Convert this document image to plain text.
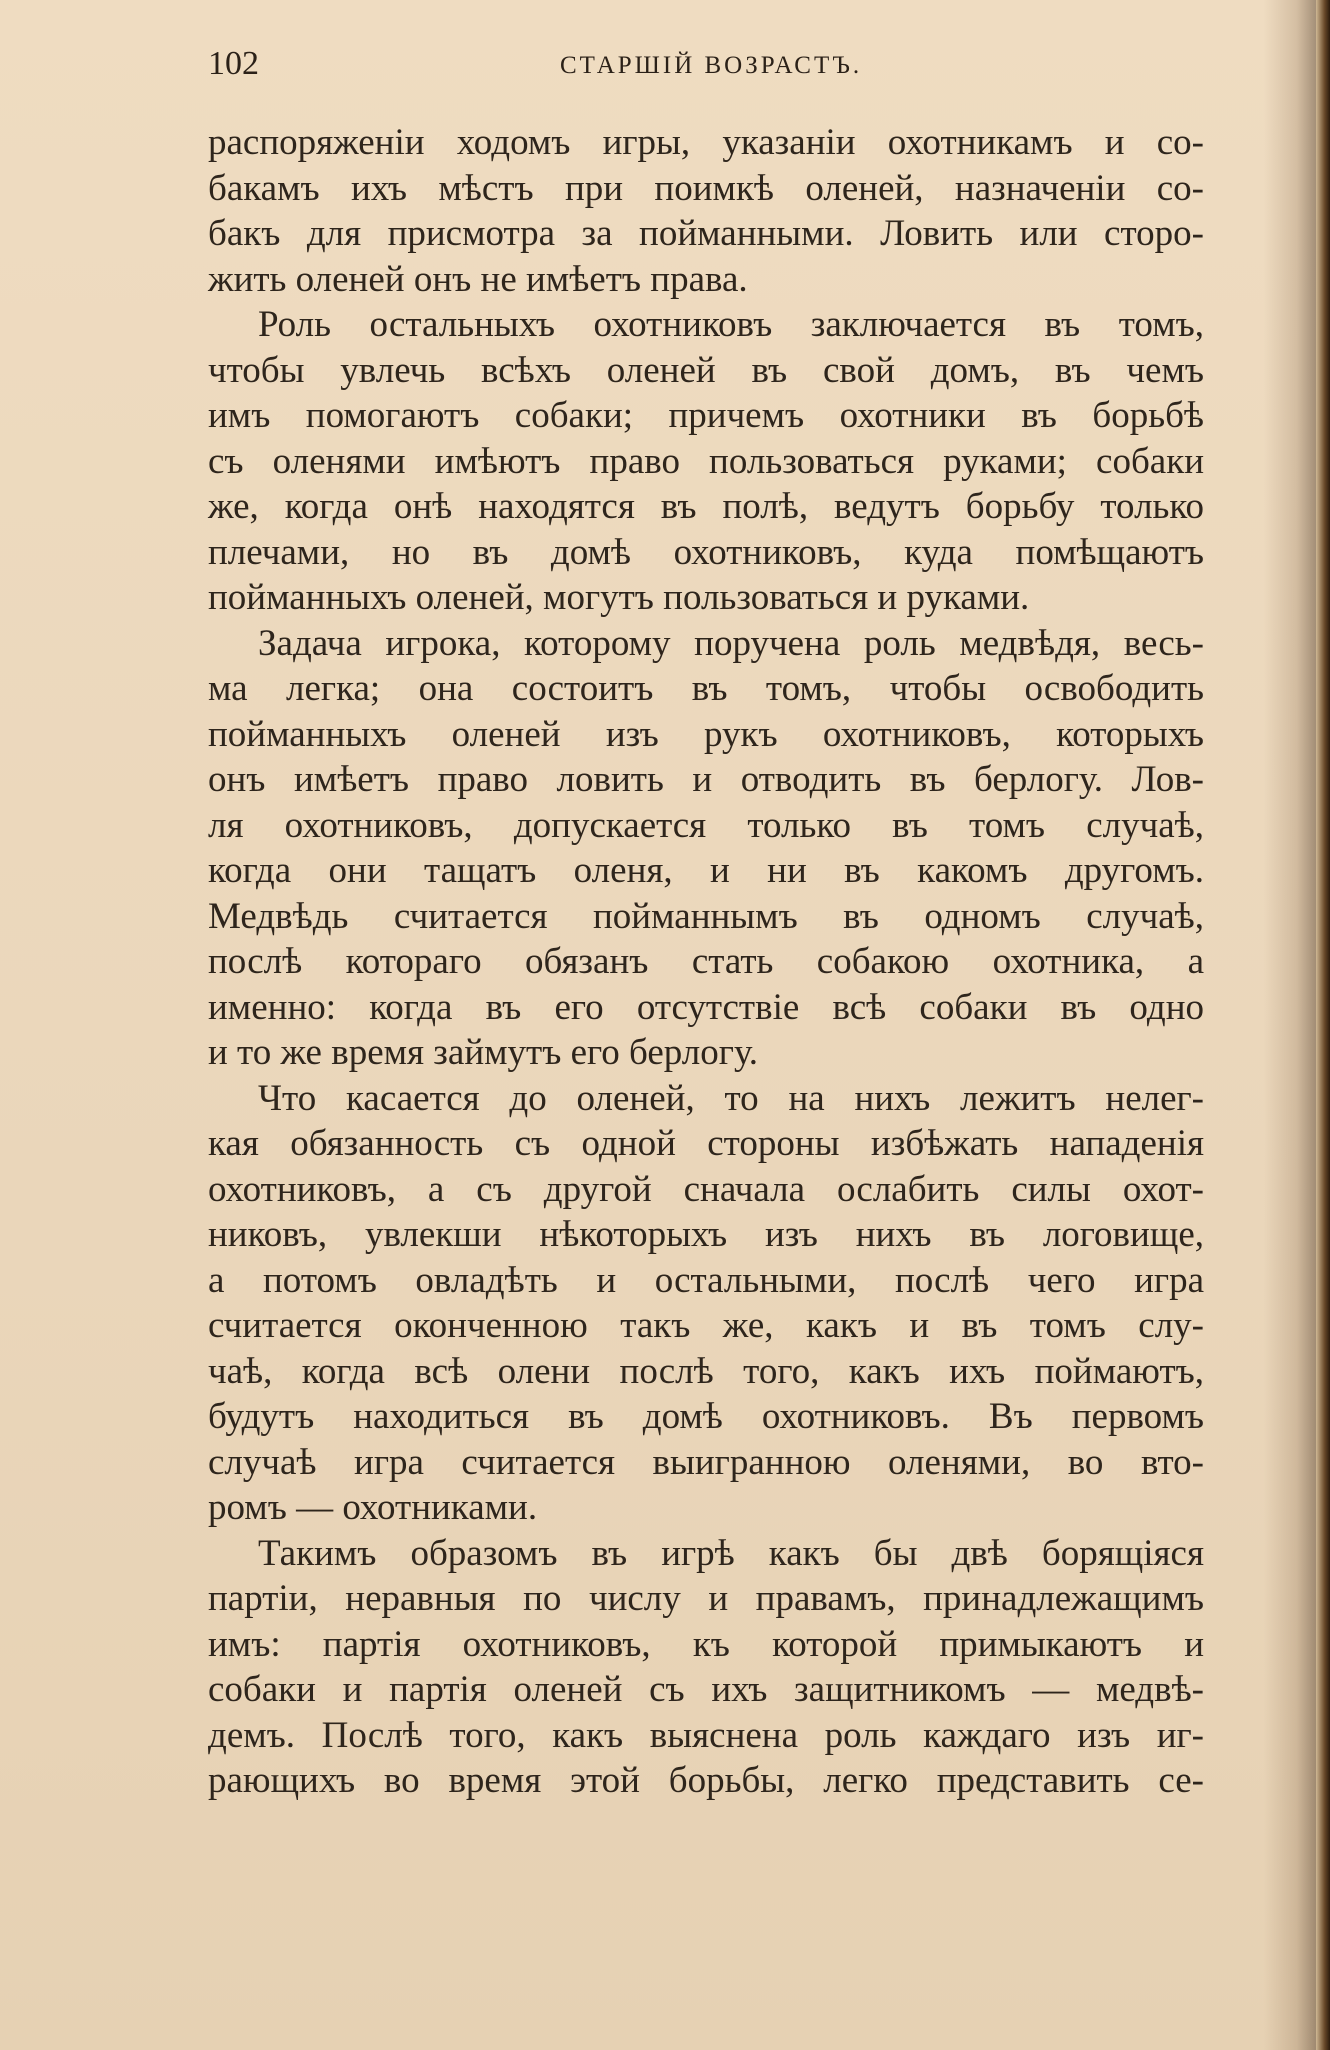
102	СТАРШІЙ ВОЗРАСТЪ.
распоряженіи ходомъ игры, указаніи охотникамъ и со-
бакамъ ихъ мѣстъ при поимкѣ оленей, назначеніи со-
бакъ для присмотра за пойманными. Ловить или сторо-
жить оленей онъ не имѣетъ права.
Роль остальныхъ охотниковъ заключается въ томъ,
чтобы увлечь всѣхъ оленей въ свой домъ, въ чемъ
имъ помогаютъ собаки; причемъ охотники въ борьбѣ
съ оленями имѣютъ право пользоваться руками; собаки
же, когда онѣ находятся въ полѣ, ведутъ борьбу только
плечами, но въ домѣ охотниковъ, куда помѣщаютъ
пойманныхъ оленей, могутъ пользоваться и руками.
Задача игрока, которому поручена роль медвѣдя, весь-
ма легка; она состоитъ въ томъ, чтобы освободить
пойманныхъ оленей изъ рукъ охотниковъ, которыхъ
онъ имѣетъ право ловить и отводить въ берлогу. Лов-
ля охотниковъ, допускается только въ томъ случаѣ,
когда они тащатъ оленя, и ни въ какомъ другомъ.
Медвѣдь считается пойманнымъ въ одномъ случаѣ,
послѣ котораго обязанъ стать собакою охотника, а
именно: когда въ его отсутствіе всѣ собаки въ одно
и то же время займутъ его берлогу.
Что касается до оленей, то на нихъ лежитъ нелег-
кая обязанность съ одной стороны избѣжать нападенія
охотниковъ, а съ другой сначала ослабить силы охот-
никовъ, увлекши нѣкоторыхъ изъ нихъ въ логовище,
а потомъ овладѣть и остальными, послѣ чего игра
считается оконченною такъ же, какъ и въ томъ слу-
чаѣ, когда всѣ олени послѣ того, какъ ихъ поймаютъ,
будутъ находиться въ домѣ охотниковъ. Въ первомъ
случаѣ игра считается выигранною оленями, во вто-
ромъ — охотниками.
Такимъ образомъ въ игрѣ какъ бы двѣ борящіяся
партіи, неравныя по числу и правамъ, принадлежащимъ
имъ: партія охотниковъ, къ которой примыкаютъ и
собаки и партія оленей съ ихъ защитникомъ — медвѣ-
демъ. Послѣ того, какъ выяснена роль каждаго изъ иг-
рающихъ во время этой борьбы, легко представить се-
